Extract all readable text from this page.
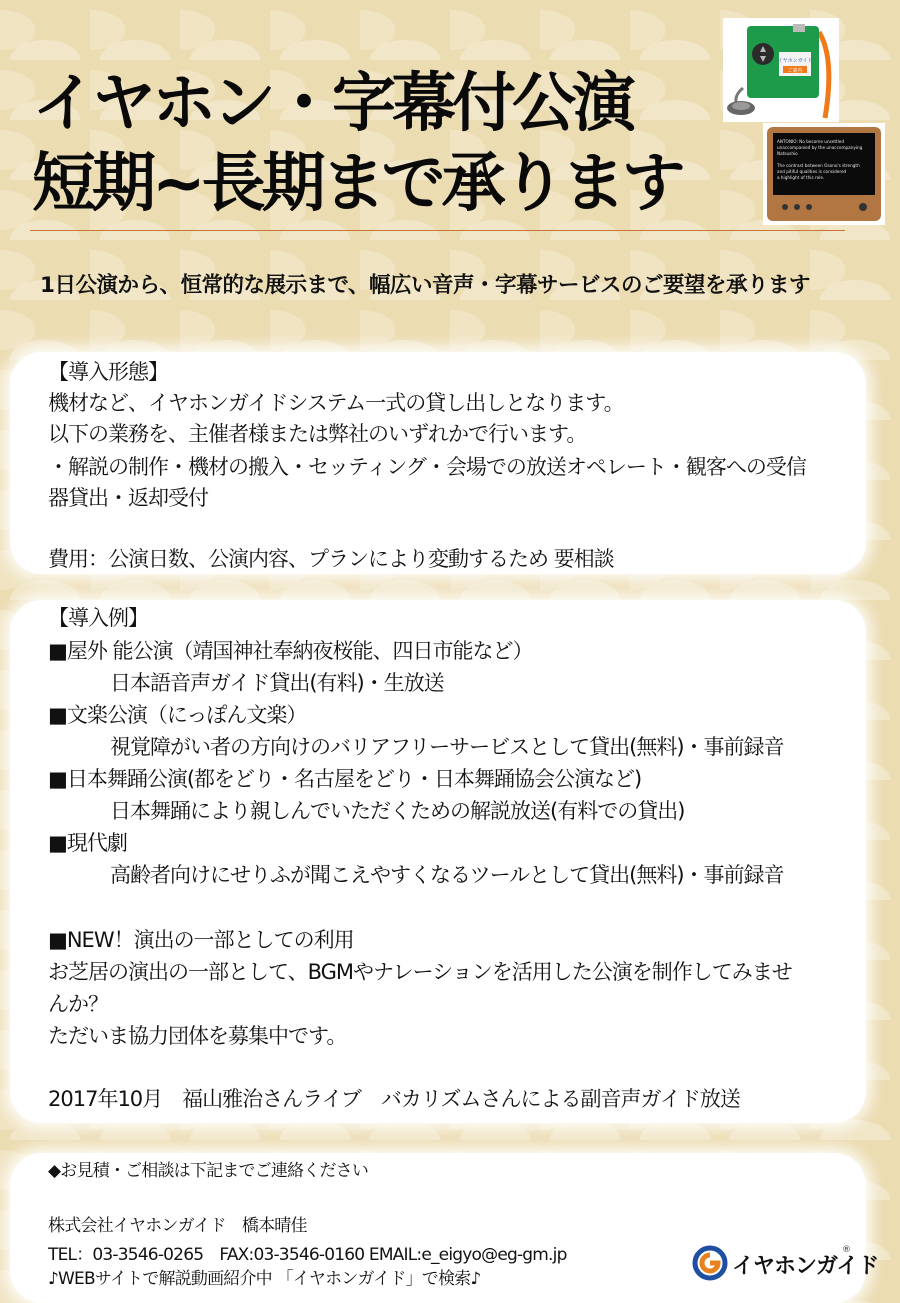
イヤホン・字幕付公演
短期~長期まで承ります
イヤホンガイド
ご案内
ANTONIO: No become unsettled
unaccompanied by the unaccompanying
Natsushio
The contrast between Osono's strength
and pitiful qualities is considered
a highlight of this role.

1日公演から、恒常的な展示まで、幅広い音声・字幕サービスのご要望を承ります

【導入形態】

機材など、イヤホンガイドシステム一式の貸し出しとなります。

以下の業務を、主催者様または弊社のいずれかで行います。

・解説の制作・機材の搬入・セッティング・会場での放送オペレート・観客への受信

器貸出・返却受付

費用：公演日数、公演内容、プランにより変動するため 要相談

【導入例】

■屋外 能公演（靖国神社奉納夜桜能、四日市能など）

日本語音声ガイド貸出(有料)・生放送

■文楽公演（にっぽん文楽）

視覚障がい者の方向けのバリアフリーサービスとして貸出(無料)・事前録音

■日本舞踊公演(都をどり・名古屋をどり・日本舞踊協会公演など)

日本舞踊により親しんでいただくための解説放送(有料での貸出)

■現代劇

高齢者向けにせりふが聞こえやすくなるツールとして貸出(無料)・事前録音

■NEW！演出の一部としての利用

お芝居の演出の一部として、BGMやナレーションを活用した公演を制作してみませ

んか？

ただいま協力団体を募集中です。

2017年10月　福山雅治さんライブ　バカリズムさんによる副音声ガイド放送

◆お見積・ご相談は下記までご連絡ください

株式会社イヤホンガイド　橋本晴佳

TEL：03-3546-0265　FAX:03-3546-0160 EMAIL:e_eigyo@eg-gm.jp

♪WEBサイトで解説動画紹介中 「イヤホンガイド」で検索♪	イヤホンガイド
®
